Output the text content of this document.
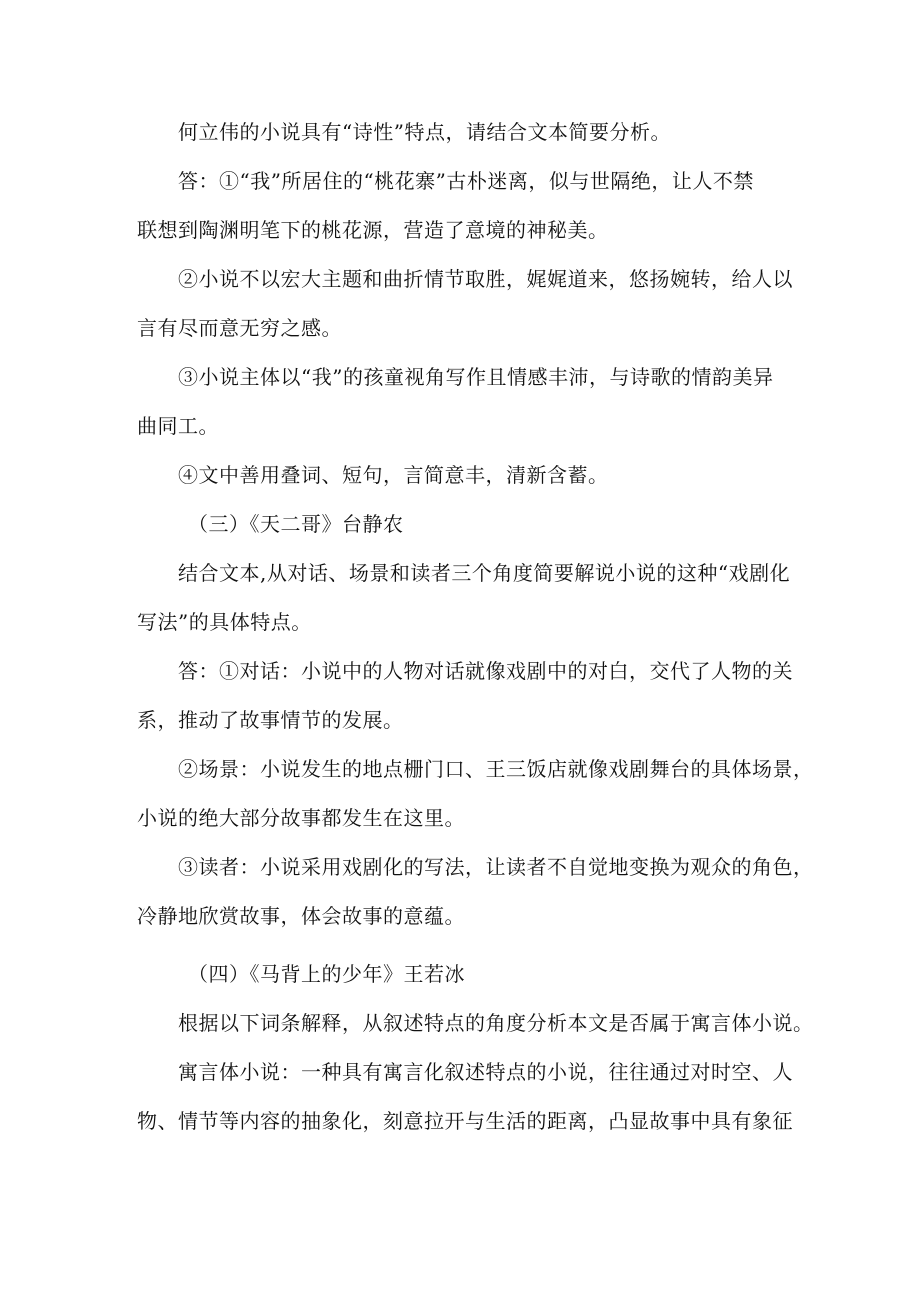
何立伟的小说具有“诗性”特点，请结合文本简要分析。

答：①“我”所居住的“桃花寨”古朴迷离，似与世隔绝，让人不禁

联想到陶渊明笔下的桃花源，营造了意境的神秘美。

②小说不以宏大主题和曲折情节取胜，娓娓道来，悠扬婉转，给人以

言有尽而意无穷之感。

③小说主体以“我”的孩童视角写作且情感丰沛，与诗歌的情韵美异

曲同工。

④文中善用叠词、短句，言简意丰，清新含蓄。

（三）《天二哥》台静农

结合文本,从对话、场景和读者三个角度简要解说小说的这种“戏剧化

写法”的具体特点。

答：①对话：小说中的人物对话就像戏剧中的对白，交代了人物的关

系，推动了故事情节的发展。

②场景：小说发生的地点栅门口、王三饭店就像戏剧舞台的具体场景，

小说的绝大部分故事都发生在这里。

③读者：小说采用戏剧化的写法，让读者不自觉地变换为观众的角色，

冷静地欣赏故事，体会故事的意蕴。

（四）《马背上的少年》王若冰

根据以下词条解释，从叙述特点的角度分析本文是否属于寓言体小说。

寓言体小说：一种具有寓言化叙述特点的小说，往往通过对时空、人

物、情节等内容的抽象化，刻意拉开与生活的距离，凸显故事中具有象征
